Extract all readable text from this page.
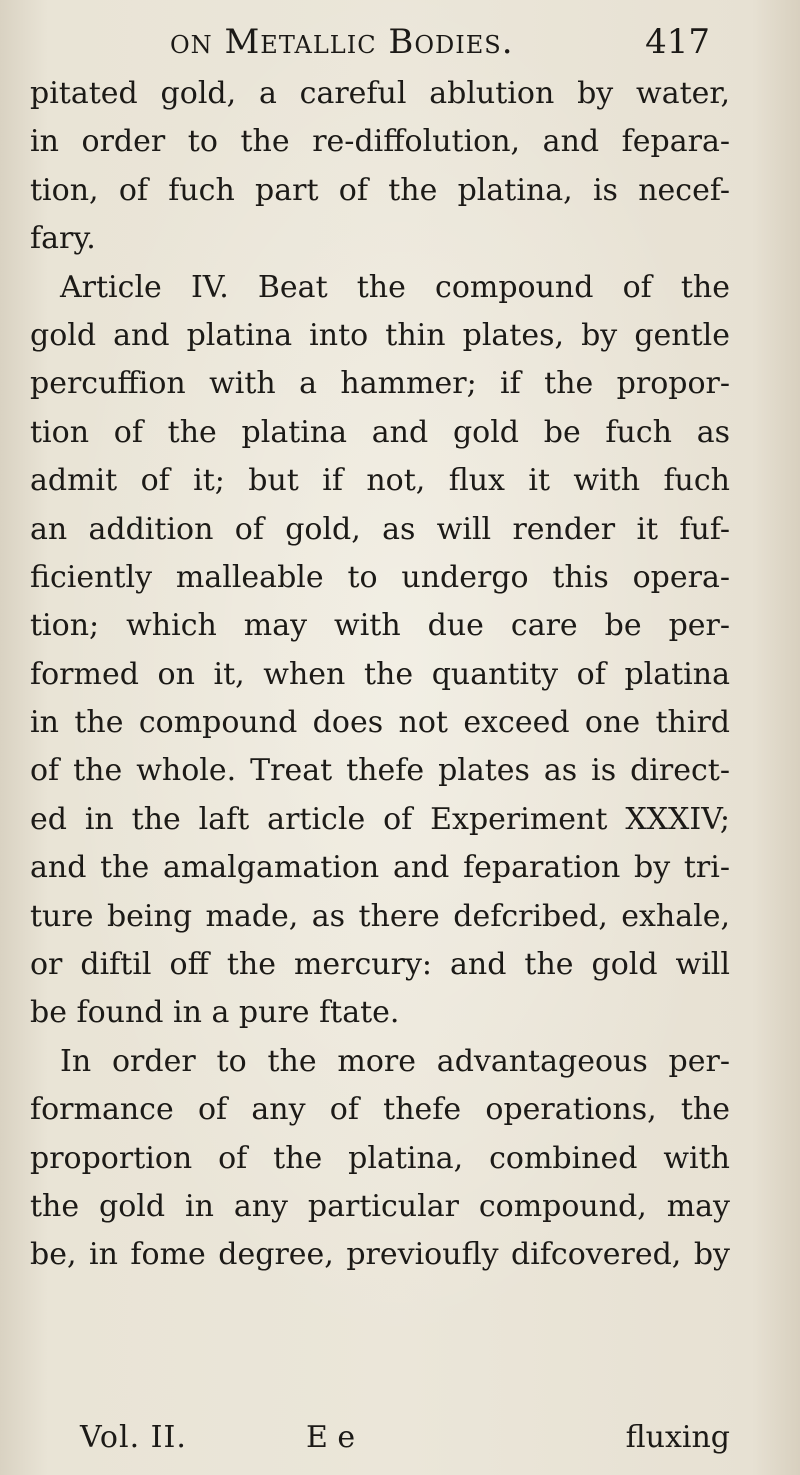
on Metallic Bodies.	417
pitated gold, a careful ablution by water,
in order to the re-diffolution, and fepara-
tion, of fuch part of the platina, is necef-
fary.
Article IV. Beat the compound of the
gold and platina into thin plates, by gentle
percuffion with a hammer; if the propor-
tion of the platina and gold be fuch as
admit of it; but if not, flux it with fuch
an addition of gold, as will render it fuf-
ficiently malleable to undergo this opera-
tion; which may with due care be per-
formed on it, when the quantity of platina
in the compound does not exceed one third
of the whole. Treat thefe plates as is direct-
ed in the laft article of Experiment XXXIV;
and the amalgamation and feparation by tri-
ture being made, as there defcribed, exhale,
or diftil off the mercury: and the gold will
be found in a pure ftate.
In order to the more advantageous per-
formance of any of thefe operations, the
proportion of the platina, combined with
the gold in any particular compound, may
be, in fome degree, previoufly difcovered, by
Vol. II.	E e	fluxing
